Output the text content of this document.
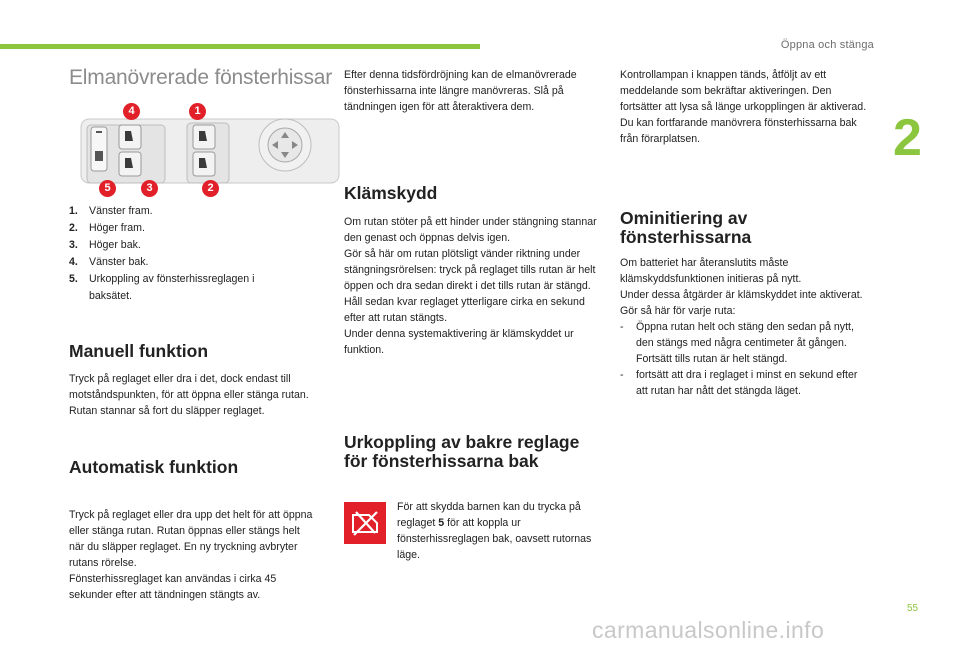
Öppna och stänga
2
55
carmanualsonline.info
Elmanövrerade fönsterhissar
4	1
5	3	2
1.	Vänster fram.
2.	Höger fram.
3.	Höger bak.
4.	Vänster bak.
5.	Urkoppling av fönsterhissreglagen i baksätet.
Manuell funktion

Tryck på reglaget eller dra i det, dock endast till motståndspunkten, för att öppna eller stänga rutan. Rutan stannar så fort du släpper reglaget.

Automatisk funktion

Tryck på reglaget eller dra upp det helt för att öppna eller stänga rutan. Rutan öppnas eller stängs helt när du släpper reglaget. En ny tryckning avbryter rutans rörelse.

Fönsterhissreglaget kan användas i cirka 45 sekunder efter att tändningen stängts av.

Efter denna tidsfördröjning kan de elmanövrerade fönsterhissarna inte längre manövreras. Slå på tändningen igen för att återaktivera dem.

Klämskydd

Om rutan stöter på ett hinder under stängning stannar den genast och öppnas delvis igen.

Gör så här om rutan plötsligt vänder riktning under stängningsrörelsen: tryck på reglaget tills rutan är helt öppen och dra sedan direkt i det tills rutan är stängd. Håll sedan kvar reglaget ytterligare cirka en sekund efter att rutan stängts.

Under denna systemaktivering är klämskyddet ur funktion.

Urkoppling av bakre reglage för fönsterhissarna bak

För att skydda barnen kan du trycka på reglaget 5 för att koppla ur fönsterhissreglagen bak, oavsett rutornas läge.

Kontrollampan i knappen tänds, åtföljt av ett meddelande som bekräftar aktiveringen. Den fortsätter att lysa så länge urkopplingen är aktiverad.

Du kan fortfarande manövrera fönsterhissarna bak från förarplatsen.

Ominitiering av fönsterhissarna

Om batteriet har återanslutits måste klämskyddsfunktionen initieras på nytt.

Under dessa åtgärder är klämskyddet inte aktiverat.

Gör så här för varje ruta:

-	Öppna rutan helt och stäng den sedan på nytt, den stängs med några centimeter åt gången. Fortsätt tills rutan är helt stängd.
-	fortsätt att dra i reglaget i minst en sekund efter att rutan har nått det stängda läget.
